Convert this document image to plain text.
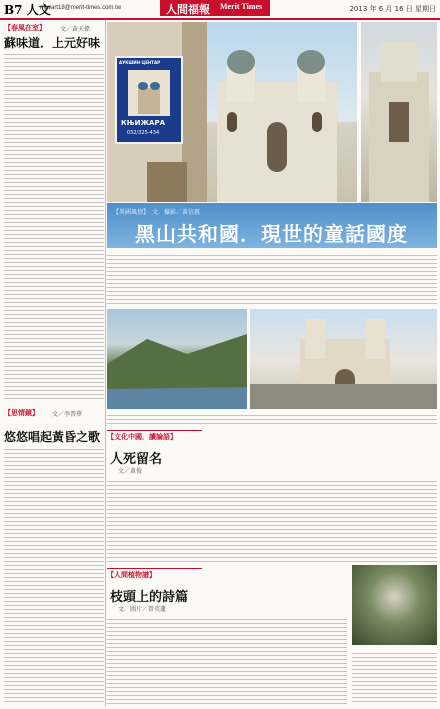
B7 人文
mtwart18@merit-times.com.tw	人間福報 Merit Times	2013 年 6 月 16 日 星期日
【春風在室】 文／黃天偉
蘇味道．上元好味
【思情鏡】 文／李普華
悠悠唱起黃昏之歌
АУКШИН ЦЕНТАР
КЊИЖАРА
032/325-434
【異國風情】　文．攝影／黃信惠
黑山共和國．現世的童話國度
【文化中國．讀論語】
人死留名
文／黃俊
【人間植物譜】
枝頭上的詩篇
文．圖片／曾英蓮
